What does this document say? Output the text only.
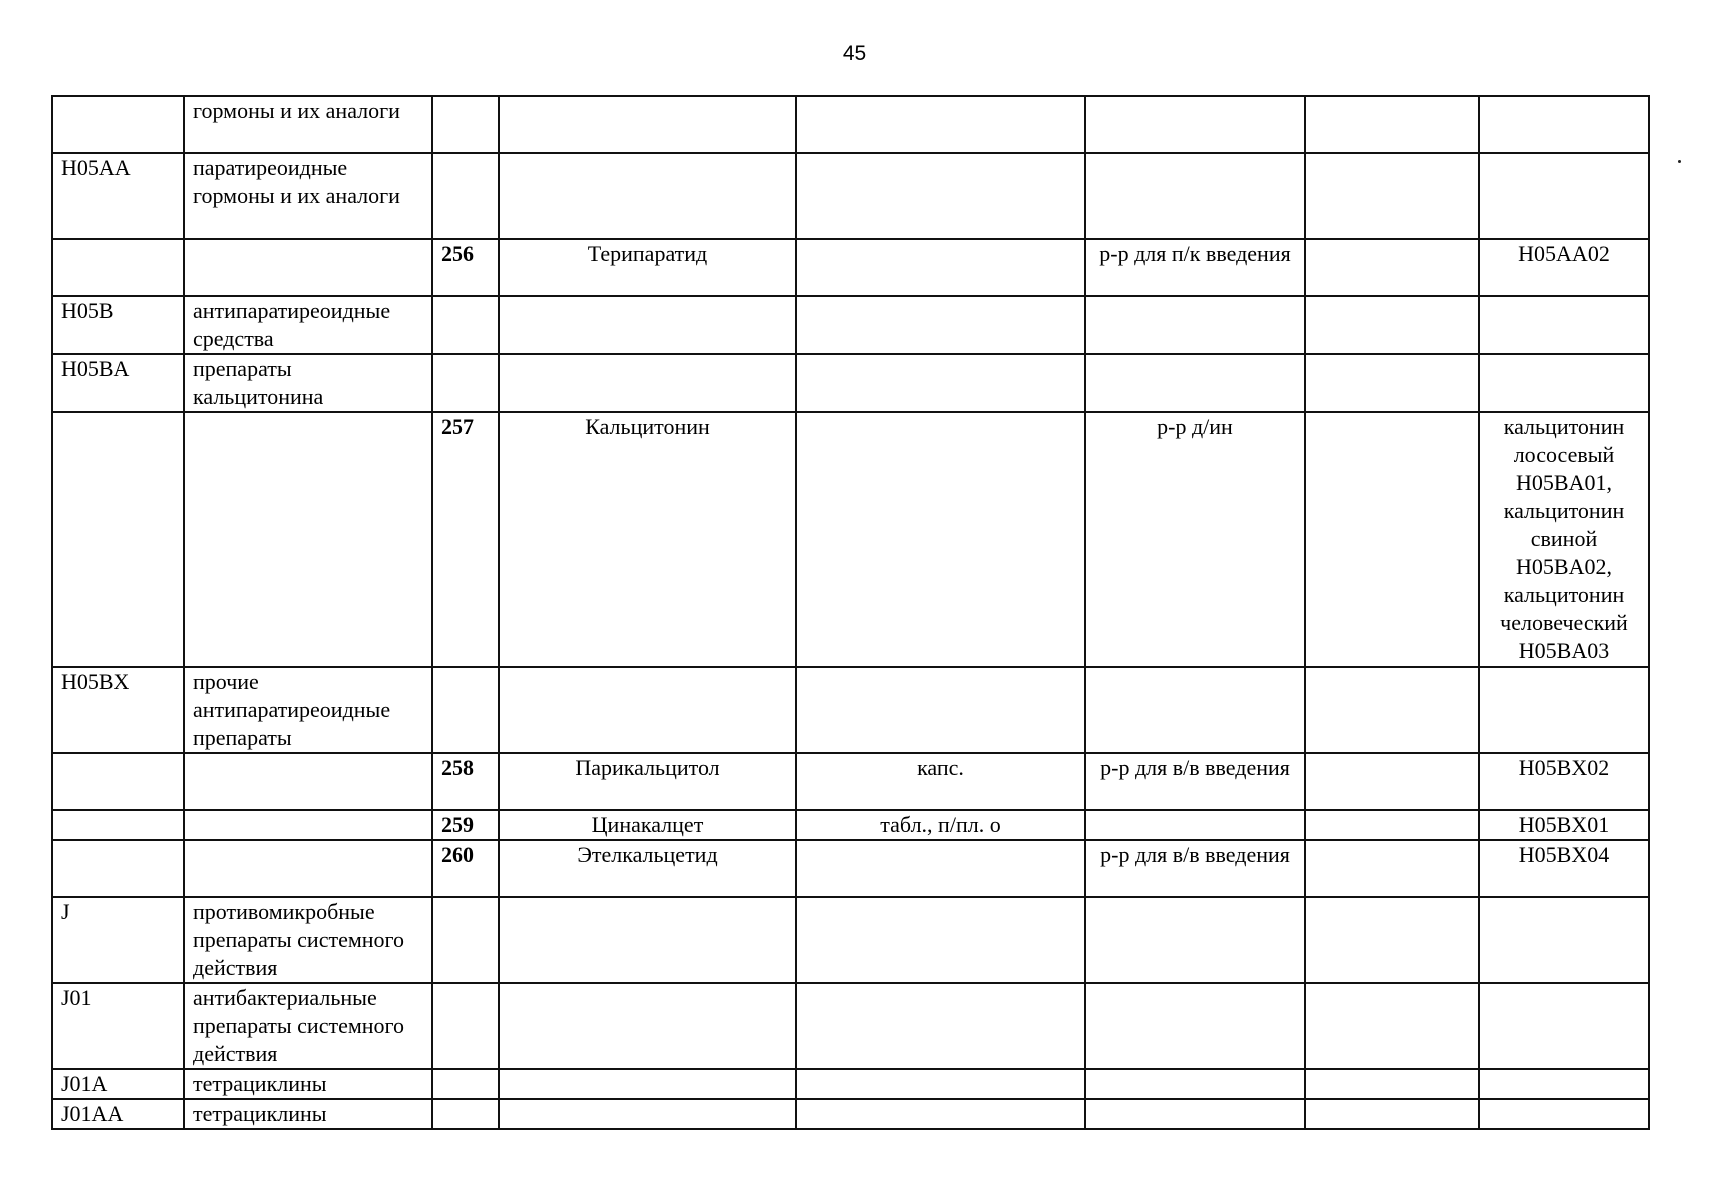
45
	гормоны и их аналоги						
H05AA	паратиреоидные гормоны и их аналоги						
		256	Терипаратид		р-р для п/к введения		H05AA02
H05B	антипаратиреоидные средства						
H05BA	препараты кальцитонина						
		257	Кальцитонин		р-р д/ин		кальцитонин лососевый H05BA01, кальцитонин свиной H05BA02, кальцитонин человеческий H05BA03
H05BX	прочие антипаратиреоидные препараты						
		258	Парикальцитол	капс.	р-р для в/в введения		H05BX02
		259	Цинакалцет	табл., п/пл. о			H05BX01
		260	Этелкальцетид		р-р для в/в введения		H05BX04
J	противомикробные препараты системного действия						
J01	антибактериальные препараты системного действия						
J01A	тетрациклины						
J01AA	тетрациклины						
